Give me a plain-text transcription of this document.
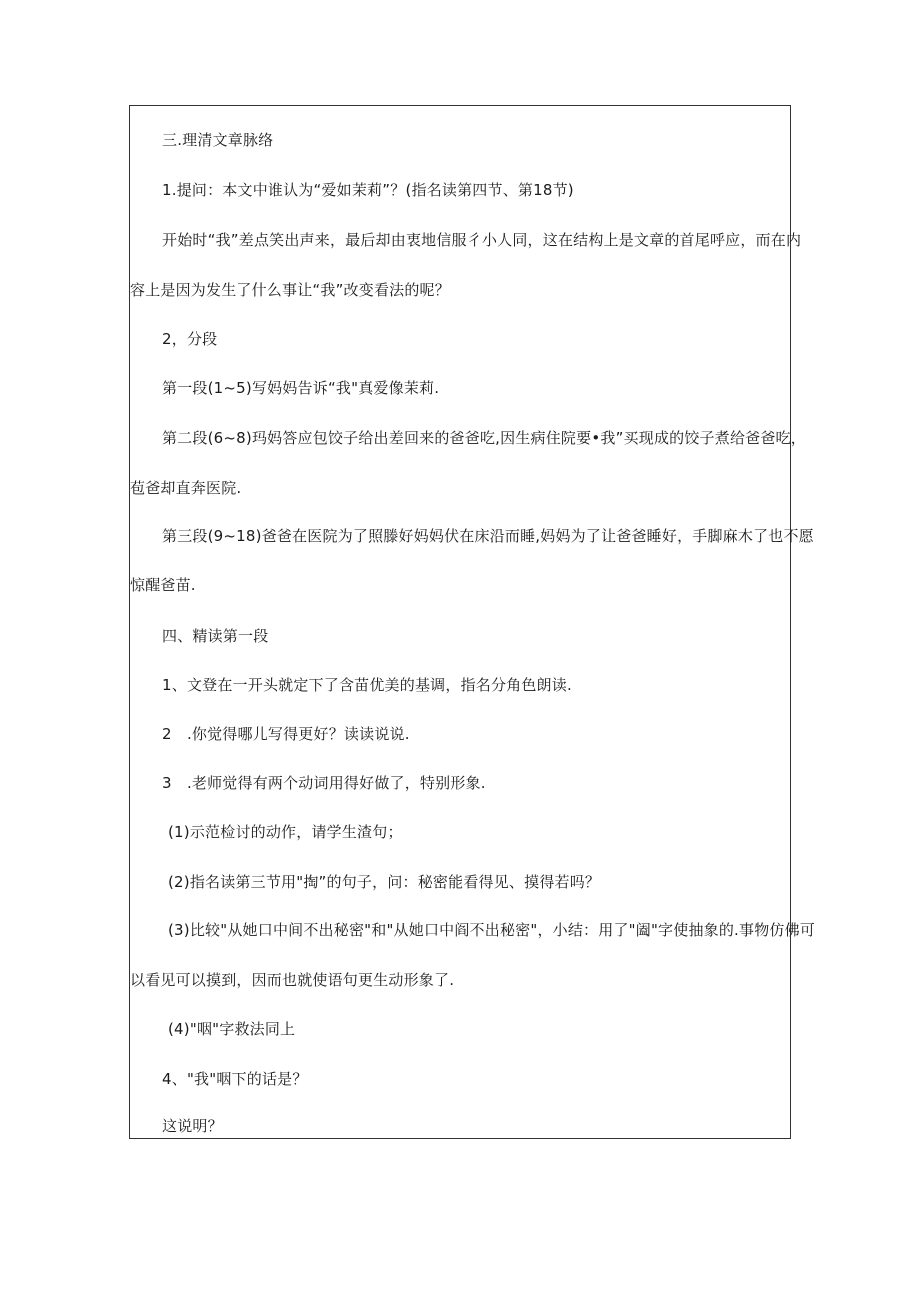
三.理清文章脉络
1.提问：本文中谁认为“爱如茉莉”？(指名读第四节、第18节)
开始时“我”差点笑出声来，最后却由衷地信服彳小人同，这在结构上是文章的首尾呼应，而在内
容上是因为发生了什么事让“我”改变看法的呢？
2，分段
第一段(1~5)写妈妈告诉“我"真爱像茉莉.
第二段(6~8)玛妈答应包饺子给出差回来的爸爸吃,因生病住院要•我”买现成的饺子煮给爸爸吃，
苞爸却直奔医院.
第三段(9~18)爸爸在医院为了照滕好妈妈伏在床沿而睡,妈妈为了让爸爸睡好，手脚麻木了也不愿
惊醒爸苗.
四、精读第一段
1、文登在一开头就定下了含苗优美的基调，指名分角色朗读.
2　.你觉得哪儿写得更好？读读说说.
3　.老师觉得有两个动词用得好做了，特别形象.
(1)示范检讨的动作，请学生渣句；
(2)指名读第三节用"掏”的句子，问：秘密能看得见、摸得若吗？
(3)比较"从她口中间不出秘密"和"从她口中阎不出秘密"，小结：用了"阖"字使抽象的.事物仿佛可
以看见可以摸到，因而也就使语句更生动形象了.
(4)"咽"字救法同上
4、"我"咽下的话是？
这说明？
